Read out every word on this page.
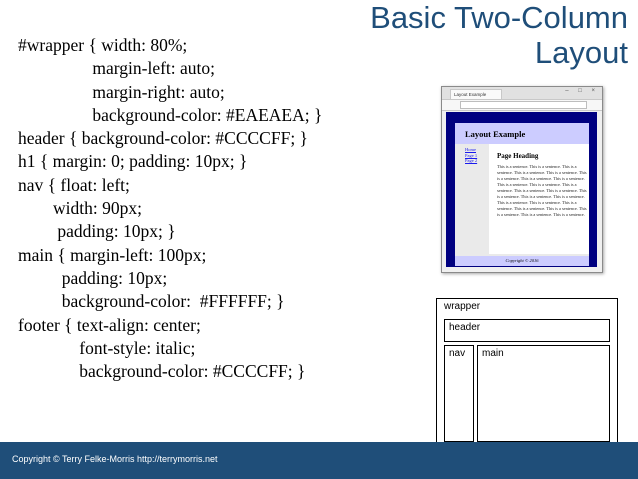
Basic Two-Column
Layout
#wrapper { width: 80%;
margin-left: auto;
margin-right: auto;
background-color: #EAEAEA; }
header { background-color: #CCCCFF; }
h1 { margin: 0; padding: 10px; }
nav { float: left;
width: 90px;
padding: 10px; }
main { margin-left: 100px;
padding: 10px;
background-color:  #FFFFFF; }
footer { text-align: center;
font-style: italic;
background-color: #CCCCFF; }
Layout Example
– □ ×
Layout Example
Home
Page 1
Page 2
Page Heading
This is a sentence. This is a sentence. This is a sentence. This is a sentence. This is a sentence. This is a sentence. This is a sentence. This is a sentence. This is a sentence. This is a sentence. This is a sentence. This is a sentence. This is a sentence. This is a sentence. This is a sentence. This is a sentence. This is a sentence. This is a sentence. This is a sentence. This is a sentence. This is a sentence. This is a sentence. This is a sentence. This is a sentence.
Copyright © 2016
wrapper
header
nav	main
Copyright © Terry Felke-Morris http://terrymorris.net
